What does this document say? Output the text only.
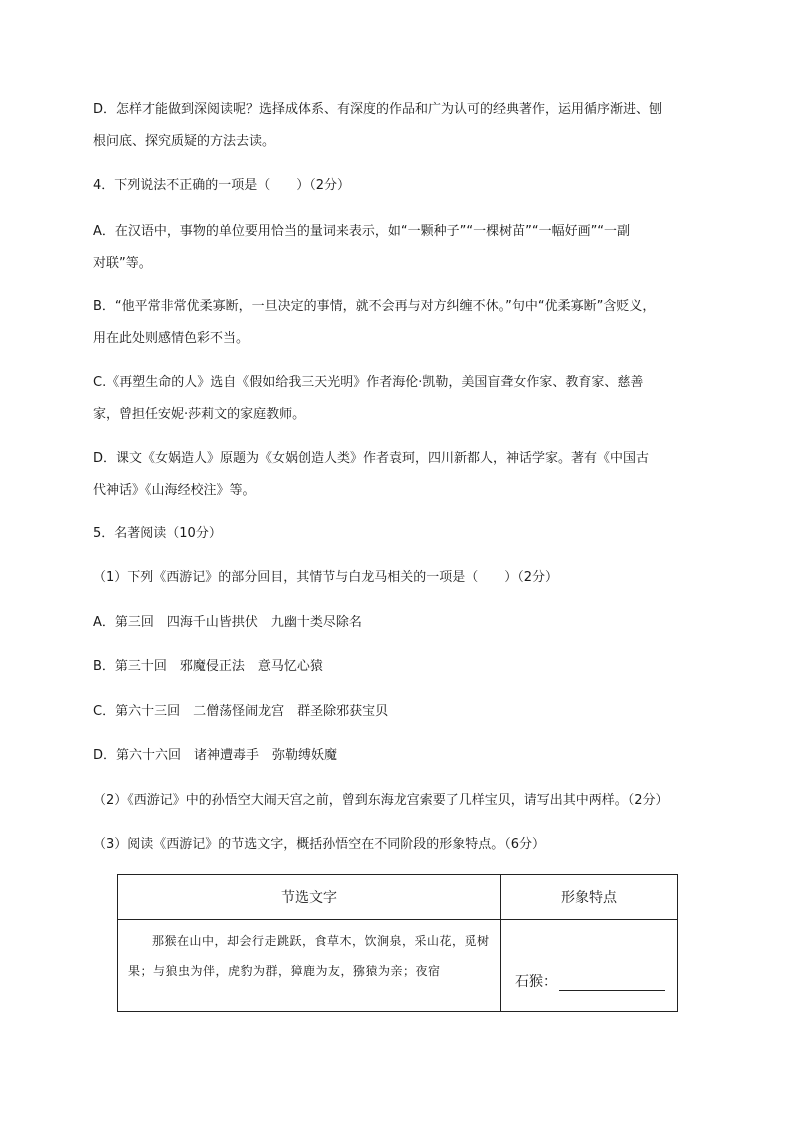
D．怎样才能做到深阅读呢？选择成体系、有深度的作品和广为认可的经典著作，运用循序渐进、刨
根问底、探究质疑的方法去读。
4．下列说法不正确的一项是（　　）（2分）
A．在汉语中，事物的单位要用恰当的量词来表示，如“一颗种子”“一棵树苗”“一幅好画”“一副
对联”等。
B．“他平常非常优柔寡断，一旦决定的事情，就不会再与对方纠缠不休。”句中“优柔寡断”含贬义，
用在此处则感情色彩不当。
C.《再塑生命的人》选自《假如给我三天光明》作者海伦·凯勒，美国盲聋女作家、教育家、慈善
家，曾担任安妮·莎莉文的家庭教师。
D．课文《女娲造人》原题为《女娲创造人类》作者袁珂，四川新都人，神话学家。著有《中国古
代神话》《山海经校注》等。
5．名著阅读（10分）
（1）下列《西游记》的部分回目，其情节与白龙马相关的一项是（　　）（2分）
A．第三回　四海千山皆拱伏　九幽十类尽除名
B．第三十回　邪魔侵正法　意马忆心猿
C．第六十三回　二僧荡怪闹龙宫　群圣除邪获宝贝
D．第六十六回　诸神遭毒手　弥勒缚妖魔
（2）《西游记》中的孙悟空大闹天宫之前，曾到东海龙宫索要了几样宝贝，请写出其中两样。（2分）
（3）阅读《西游记》的节选文字，概括孙悟空在不同阶段的形象特点。（6分）
节选文字	形象特点

那猴在山中，却会行走跳跃，食草木，饮涧泉，采山花，觅树果；与狼虫为伴，虎豹为群，獐鹿为友，猕猿为亲；夜宿	石猴：
